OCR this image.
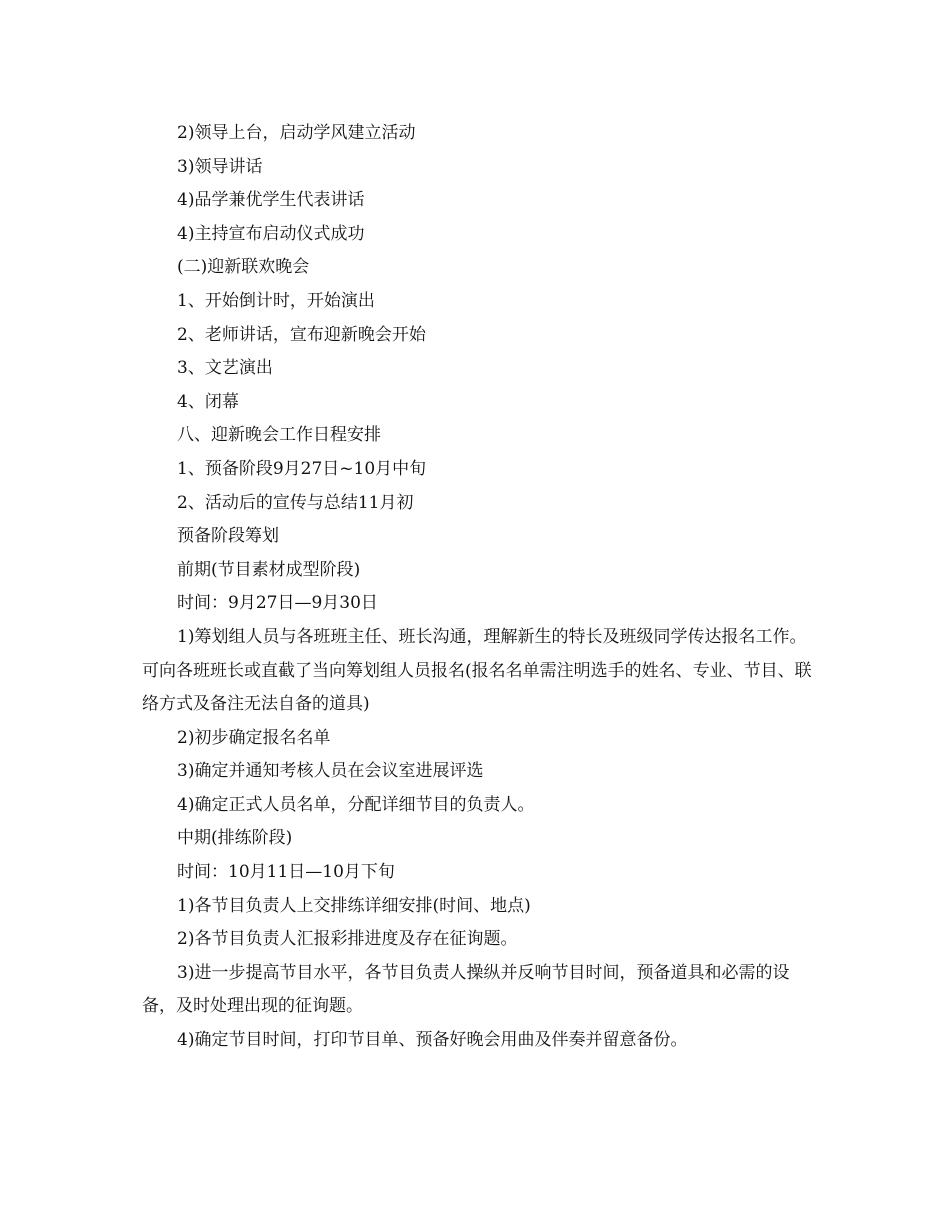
2)领导上台，启动学风建立活动

3)领导讲话

4)品学兼优学生代表讲话

4)主持宣布启动仪式成功

(二)迎新联欢晚会

1、开始倒计时，开始演出

2、老师讲话，宣布迎新晚会开始

3、文艺演出

4、闭幕

八、迎新晚会工作日程安排

1、预备阶段9月27日~10月中旬

2、活动后的宣传与总结11月初

预备阶段筹划

前期(节目素材成型阶段)

时间：9月27日—9月30日

1)筹划组人员与各班班主任、班长沟通，理解新生的特长及班级同学传达报名工作。可向各班班长或直截了当向筹划组人员报名(报名名单需注明选手的姓名、专业、节目、联络方式及备注无法自备的道具)

2)初步确定报名名单

3)确定并通知考核人员在会议室进展评选

4)确定正式人员名单，分配详细节目的负责人。

中期(排练阶段)

时间：10月11日—10月下旬

1)各节目负责人上交排练详细安排(时间、地点)

2)各节目负责人汇报彩排进度及存在征询题。

3)进一步提高节目水平，各节目负责人操纵并反响节目时间，预备道具和必需的设备，及时处理出现的征询题。

4)确定节目时间，打印节目单、预备好晚会用曲及伴奏并留意备份。
